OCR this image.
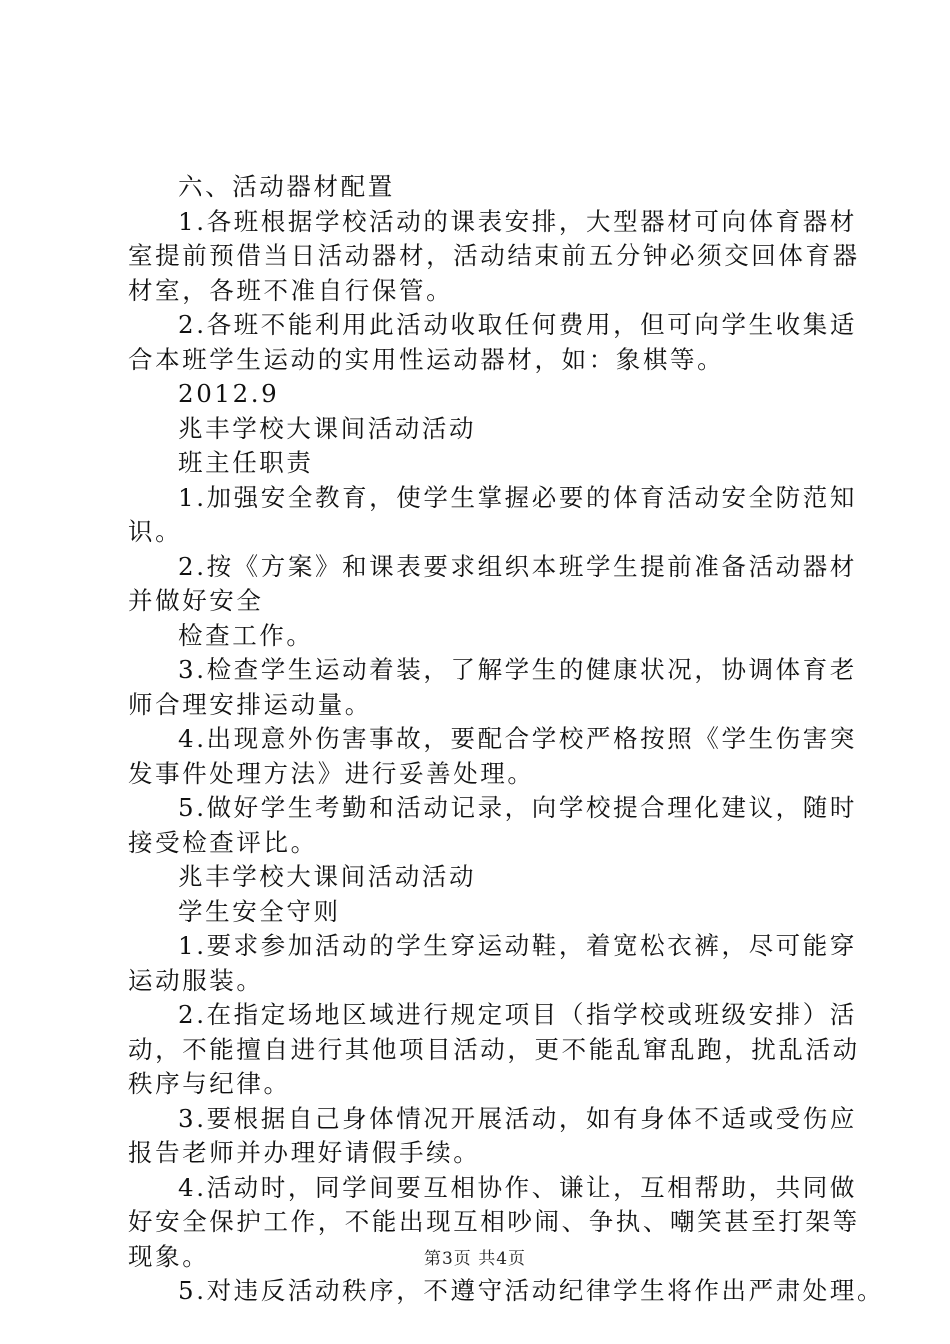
六、活动器材配置
1.各班根据学校活动的课表安排，大型器材可向体育器材
室提前预借当日活动器材，活动结束前五分钟必须交回体育器
材室，各班不准自行保管。
2.各班不能利用此活动收取任何费用，但可向学生收集适
合本班学生运动的实用性运动器材，如：象棋等。
2012.9
兆丰学校大课间活动活动
班主任职责
1.加强安全教育，使学生掌握必要的体育活动安全防范知
识。
2.按《方案》和课表要求组织本班学生提前准备活动器材
并做好安全
检查工作。
3.检查学生运动着装，了解学生的健康状况，协调体育老
师合理安排运动量。
4.出现意外伤害事故，要配合学校严格按照《学生伤害突
发事件处理方法》进行妥善处理。
5.做好学生考勤和活动记录，向学校提合理化建议，随时
接受检查评比。
兆丰学校大课间活动活动
学生安全守则
1.要求参加活动的学生穿运动鞋，着宽松衣裤，尽可能穿
运动服装。
2.在指定场地区域进行规定项目（指学校或班级安排）活
动，不能擅自进行其他项目活动，更不能乱窜乱跑，扰乱活动
秩序与纪律。
3.要根据自己身体情况开展活动，如有身体不适或受伤应
报告老师并办理好请假手续。
4.活动时，同学间要互相协作、谦让，互相帮助，共同做
好安全保护工作，不能出现互相吵闹、争执、嘲笑甚至打架等
现象。
5.对违反活动秩序，不遵守活动纪律学生将作出严肃处理。
第3页 共4页
